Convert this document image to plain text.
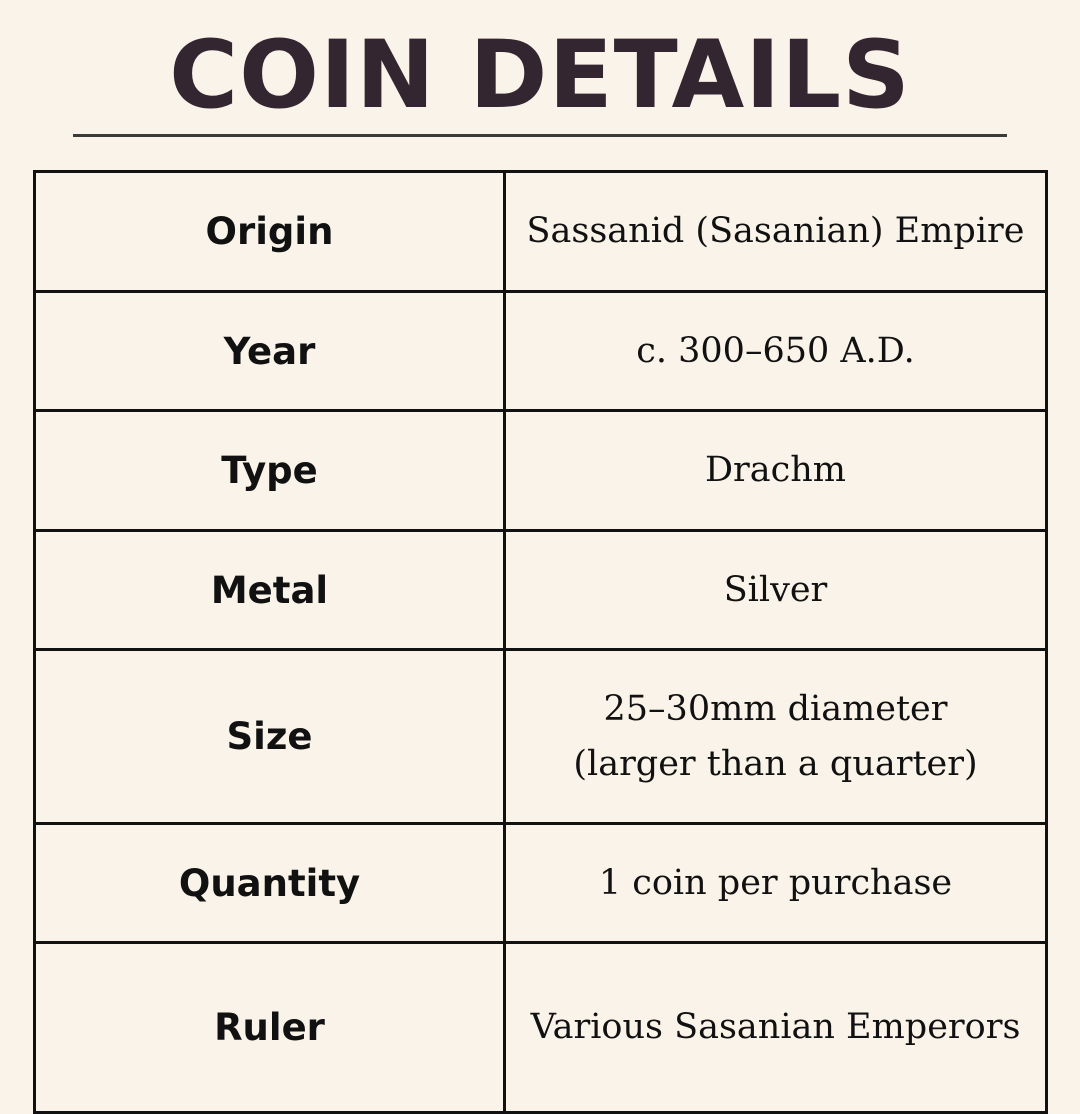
COIN DETAILS
Origin	Sassanid (Sasanian) Empire
Year	c. 300–650 A.D.
Type	Drachm
Metal	Silver
Size	25–30mm diameter
(larger than a quarter)

Quantity	1 coin per purchase
Ruler	Various Sasanian Emperors
